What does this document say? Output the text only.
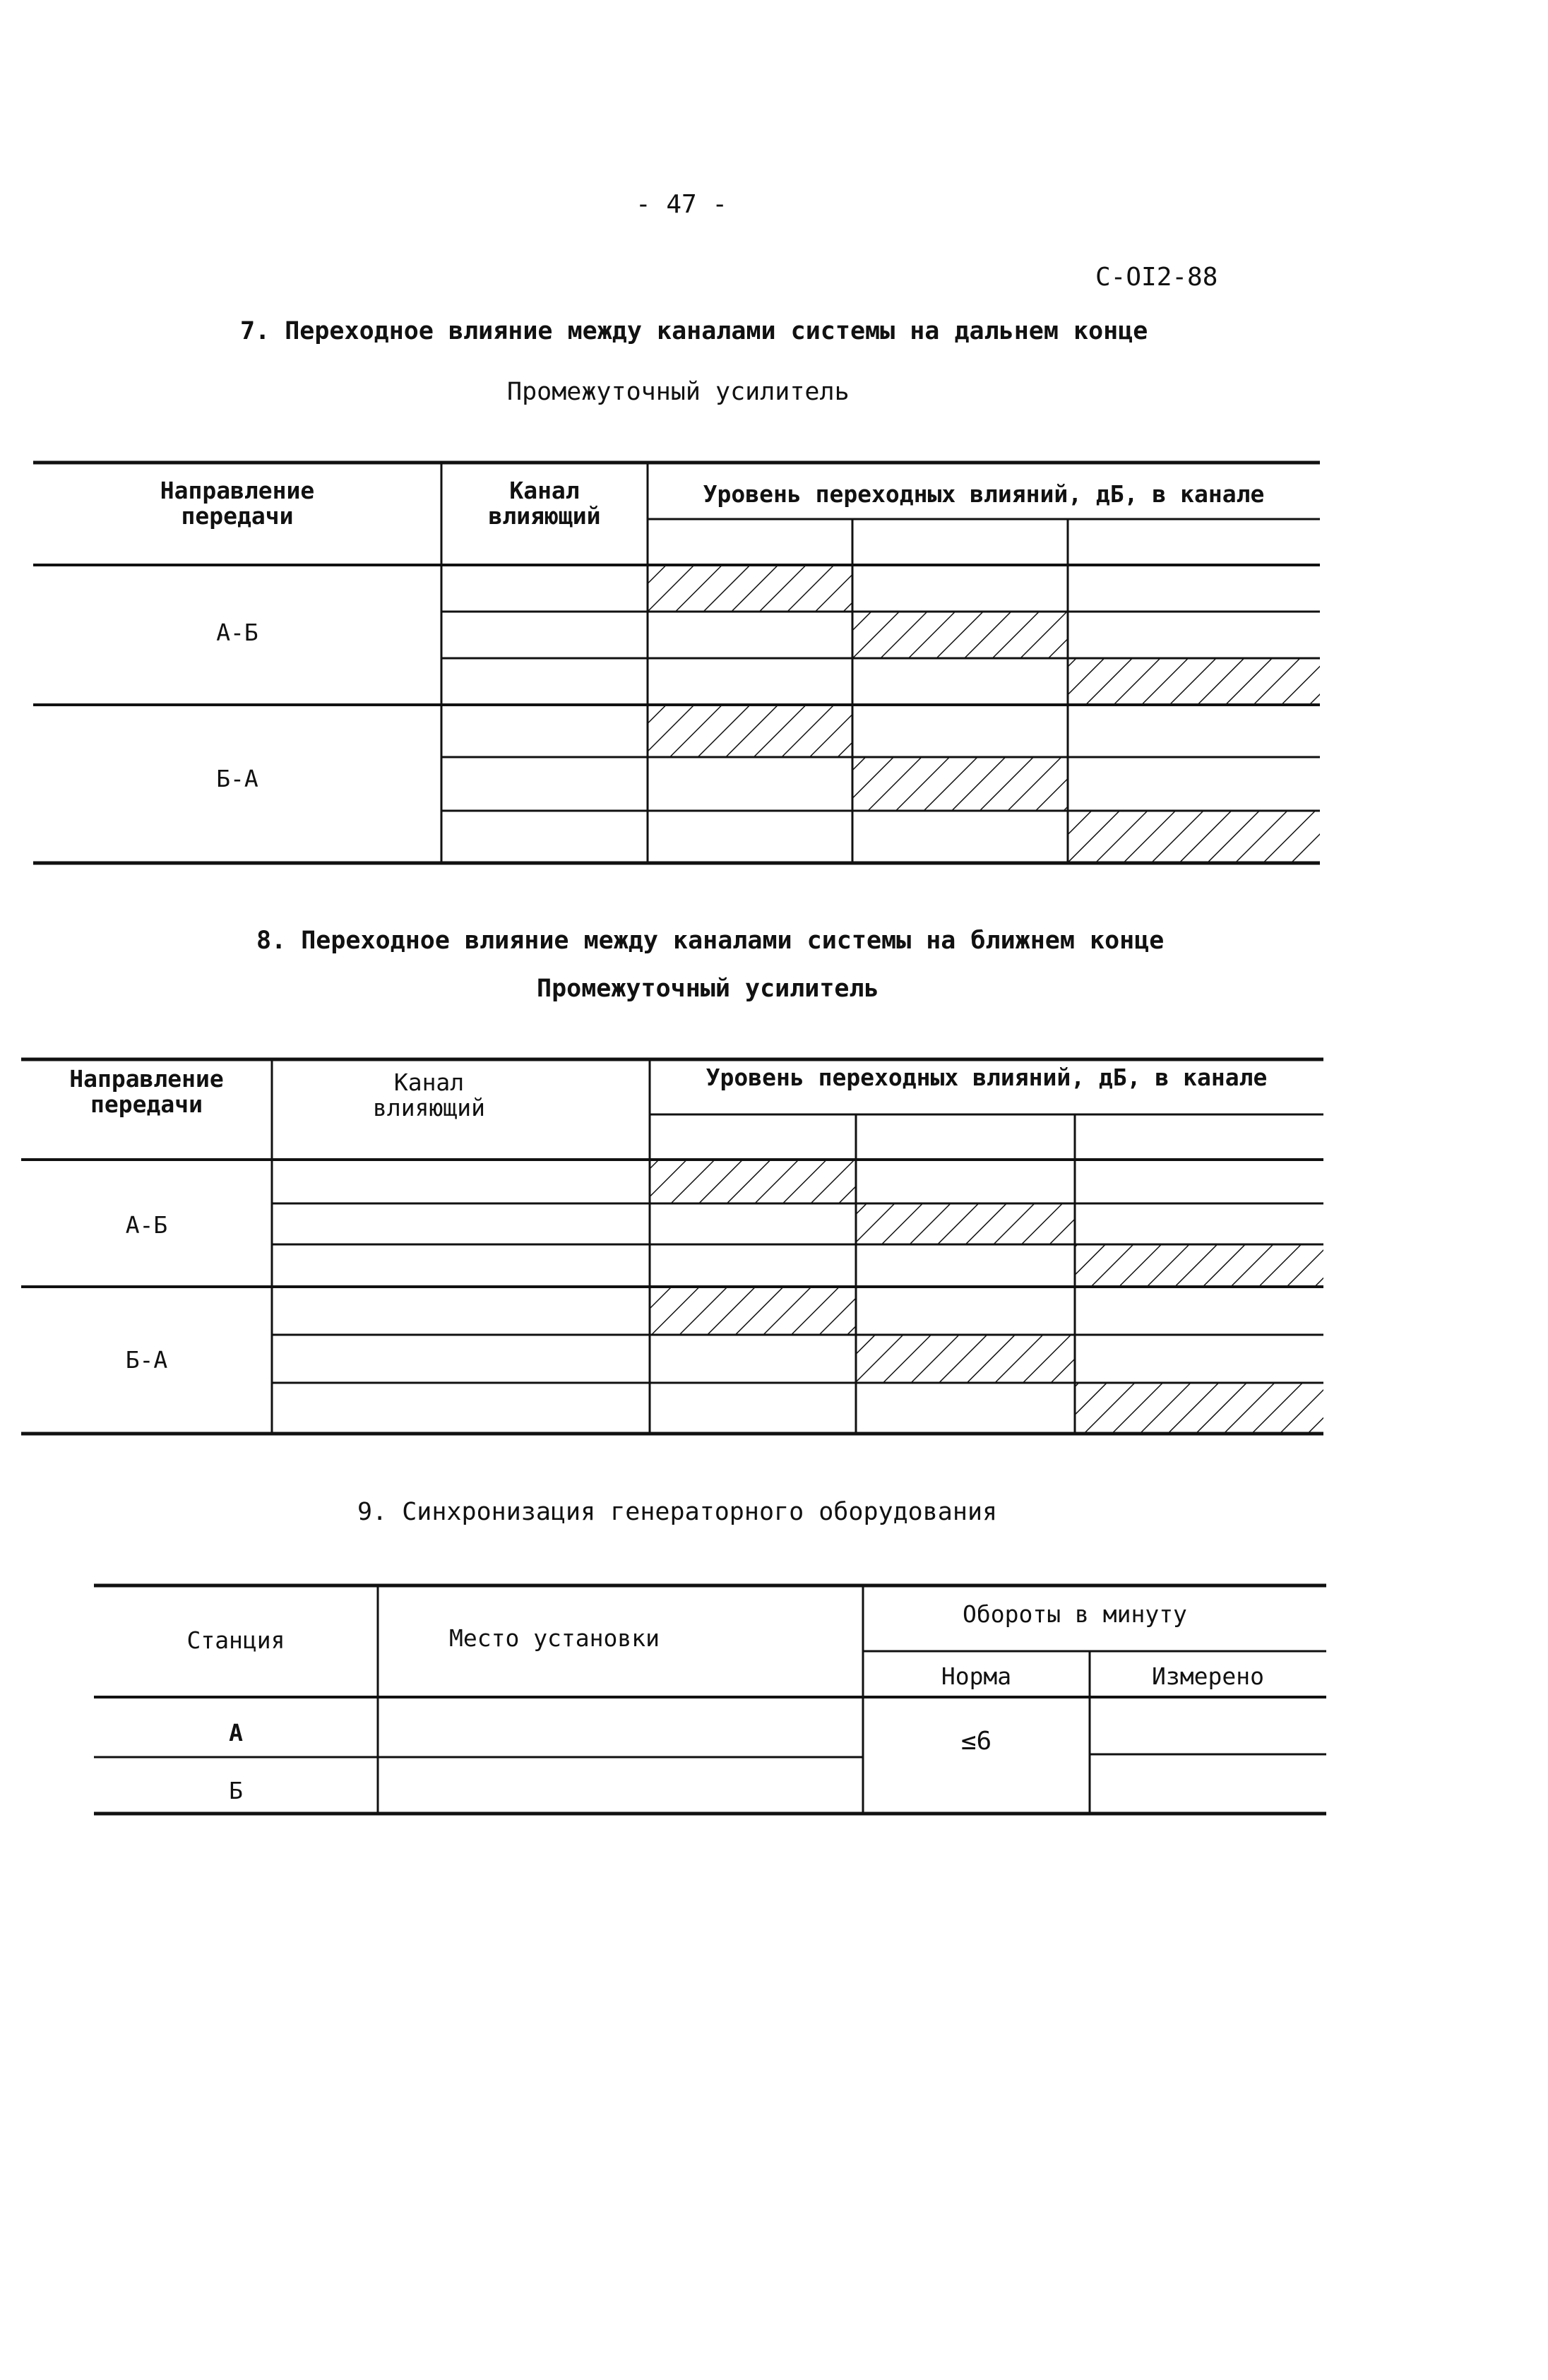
- 47 -
С-OI2-88
7. Переходное влияние между каналами системы на дальнем конце
Промежуточный усилитель
Направление
передачи
Канал
влияющий
Уровень переходных влияний, дБ, в канале
А-Б
Б-А
8. Переходное влияние между каналами системы на ближнем конце
Промежуточный усилитель
Направление
передачи
Канал
влияющий
Уровень переходных влияний, дБ, в канале
А-Б
Б-А
9. Синхронизация генераторного оборудования
Станция	Место установки
Обороты в минуту
Норма	Измерено
А
Б
≤6
